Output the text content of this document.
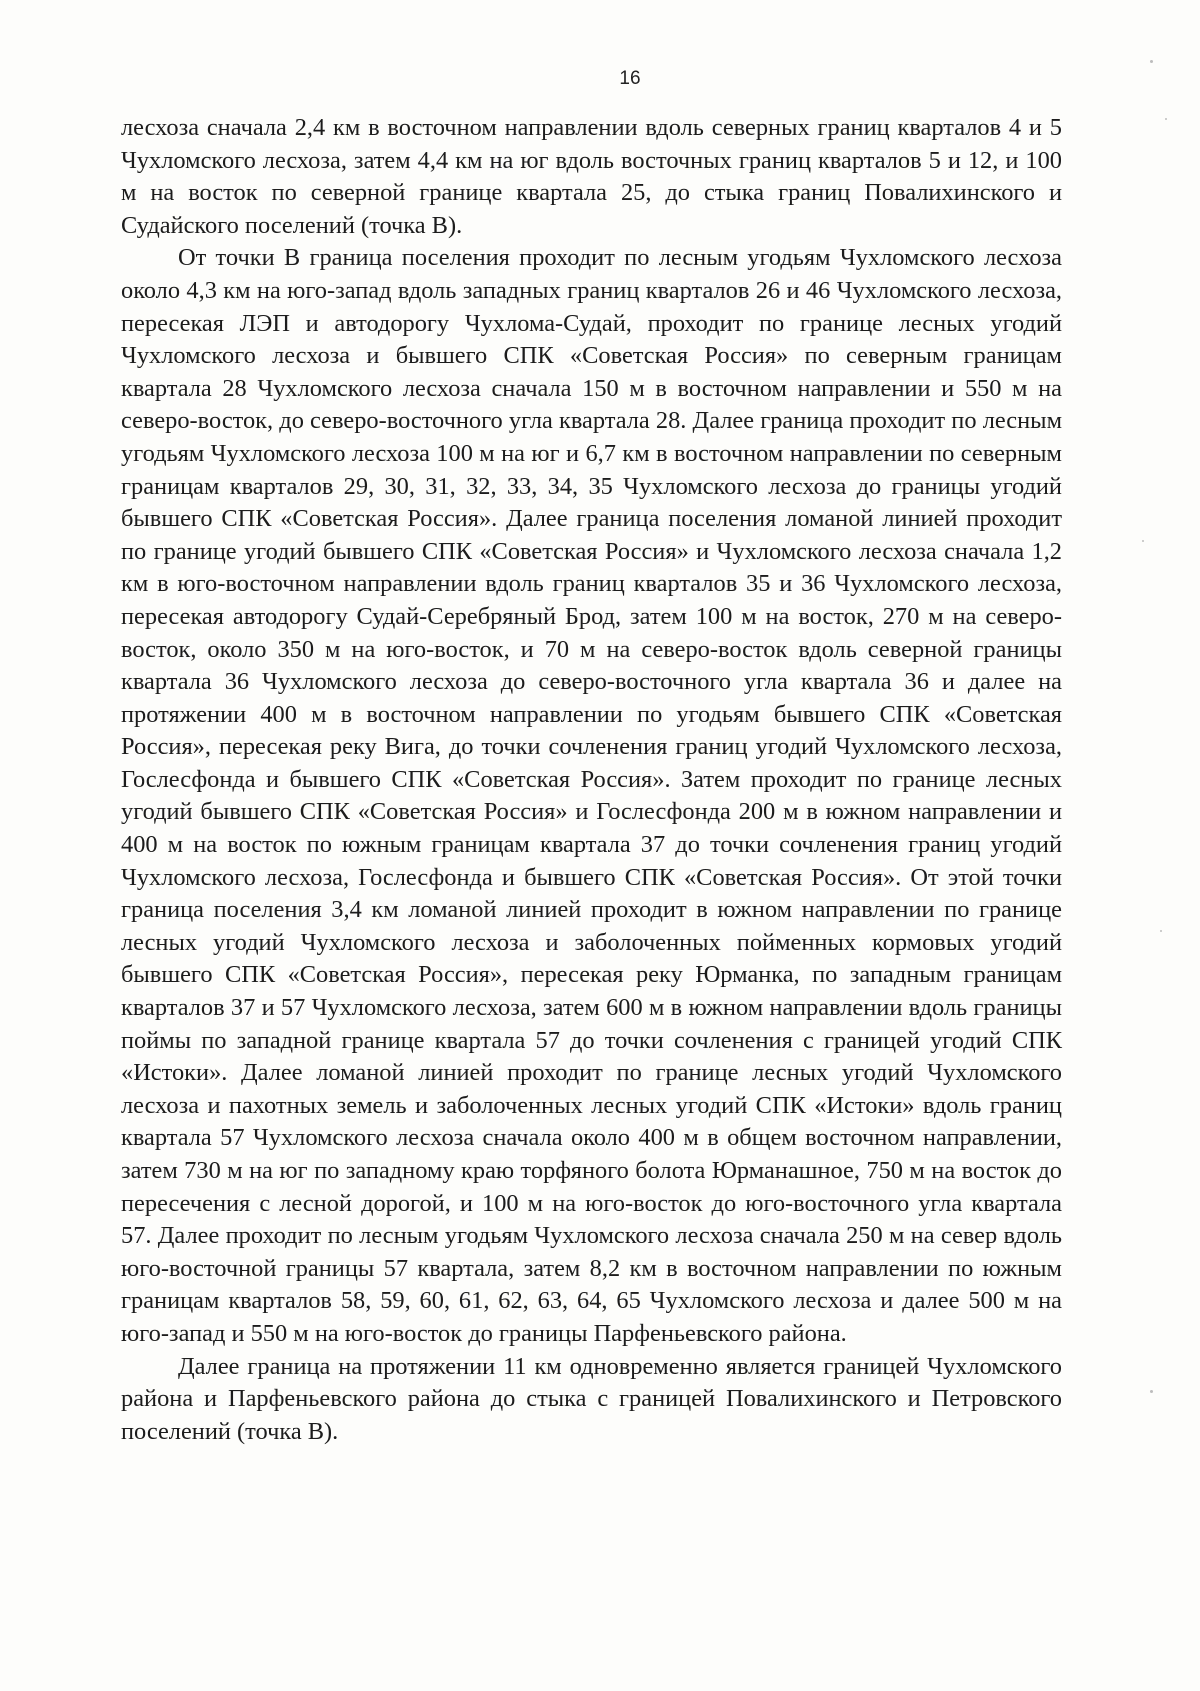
16

лесхоза сначала 2,4 км в восточном направлении вдоль северных границ кварталов 4 и 5 Чухломского лесхоза, затем 4,4 км на юг вдоль восточных границ кварталов 5 и 12, и 100 м на восток по северной границе квартала 25, до стыка границ Повалихинского и Судайского поселений (точка В).

От точки В граница поселения проходит по лесным угодьям Чухломского лесхоза около 4,3 км на юго-запад вдоль западных границ кварталов 26 и 46 Чухломского лесхоза, пересекая ЛЭП и автодорогу Чухлома-Судай, проходит по границе лесных угодий Чухломского лесхоза и бывшего СПК «Советская Россия» по северным границам квартала 28 Чухломского лесхоза сначала 150 м в восточном направлении и 550 м на северо-восток, до северо-восточного угла квартала 28. Далее граница проходит по лесным угодьям Чухломского лесхоза 100 м на юг и 6,7 км в восточном направлении по северным границам кварталов 29, 30, 31, 32, 33, 34, 35 Чухломского лесхоза до границы угодий бывшего СПК «Советская Россия». Далее граница поселения ломаной линией проходит по границе угодий бывшего СПК «Советская Россия» и Чухломского лесхоза сначала 1,2 км в юго-восточном направлении вдоль границ кварталов 35 и 36 Чухломского лесхоза, пересекая автодорогу Судай-Серебряный Брод, затем 100 м на восток, 270 м на северо-восток, около 350 м на юго-восток, и 70 м на северо-восток вдоль северной границы квартала 36 Чухломского лесхоза до северо-восточного угла квартала 36 и далее на протяжении 400 м в восточном направлении по угодьям бывшего СПК «Советская Россия», пересекая реку Вига, до точки сочленения границ угодий Чухломского лесхоза, Гослесфонда и бывшего СПК «Советская Россия». Затем проходит по границе лесных угодий бывшего СПК «Советская Россия» и Гослесфонда 200 м в южном направлении и 400 м на восток по южным границам квартала 37 до точки сочленения границ угодий Чухломского лесхоза, Гослесфонда и бывшего СПК «Советская Россия». От этой точки граница поселения 3,4 км ломаной линией проходит в южном направлении по границе лесных угодий Чухломского лесхоза и заболоченных пойменных кормовых угодий бывшего СПК «Советская Россия», пересекая реку Юрманка, по западным границам кварталов 37 и 57 Чухломского лесхоза, затем 600 м в южном направлении вдоль границы поймы по западной границе квартала 57 до точки сочленения с границей угодий СПК «Истоки». Далее ломаной линией проходит по границе лесных угодий Чухломского лесхоза и пахотных земель и заболоченных лесных угодий СПК «Истоки» вдоль границ квартала 57 Чухломского лесхоза сначала около 400 м в общем восточном направлении, затем 730 м на юг по западному краю торфяного болота Юрманашное, 750 м на восток до пересечения с лесной дорогой, и 100 м на юго-восток до юго-восточного угла квартала 57. Далее проходит по лесным угодьям Чухломского лесхоза сначала 250 м на север вдоль юго-восточной границы 57 квартала, затем 8,2 км в восточном направлении по южным границам кварталов 58, 59, 60, 61, 62, 63, 64, 65 Чухломского лесхоза и далее 500 м на юго-запад и 550 м на юго-восток до границы Парфеньевского района.

Далее граница на протяжении 11 км одновременно является границей Чухломского района и Парфеньевского района до стыка с границей Повалихинского и Петровского поселений (точка В).
